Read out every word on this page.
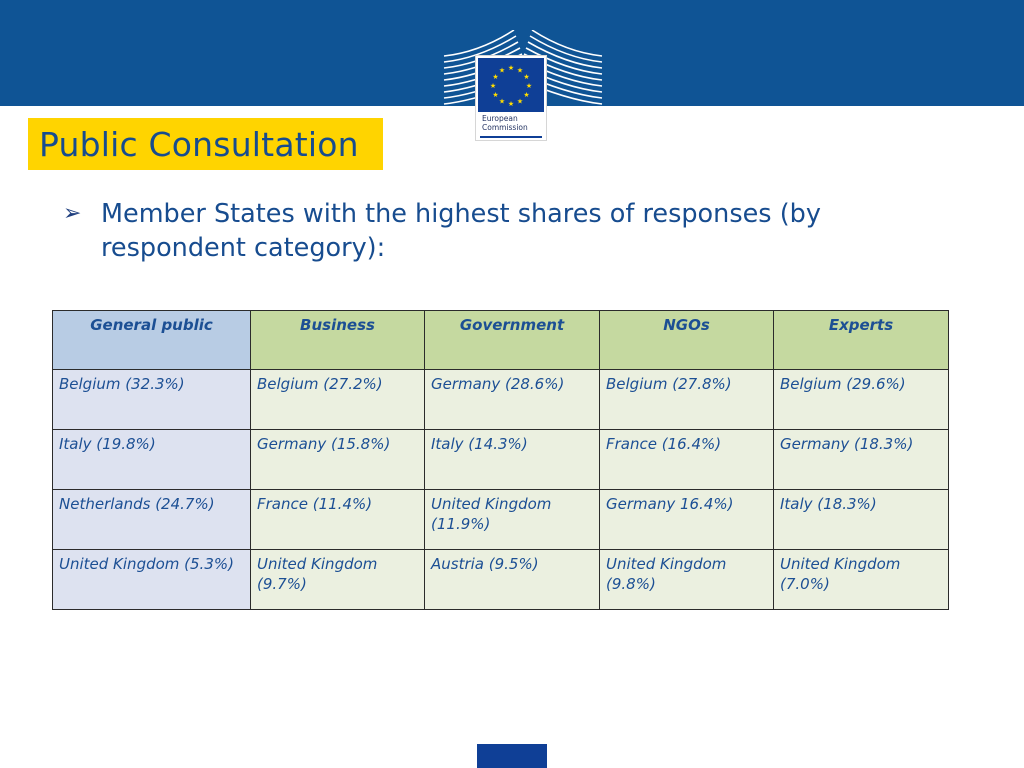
★ ★
★
★
★
★
★
★
★
★
★
★
European
Commission
Public Consultation
➢ Member States with the highest shares of responses (by respondent category):
General public	Business	Government	NGOs	Experts
Belgium (32.3%)	Belgium (27.2%)	Germany (28.6%)	Belgium (27.8%)	Belgium (29.6%)
Italy (19.8%)	Germany (15.8%)	Italy (14.3%)	France (16.4%)	Germany (18.3%)
Netherlands (24.7%)	France (11.4%)	United Kingdom (11.9%)	Germany 16.4%)	Italy (18.3%)
United Kingdom (5.3%)	United Kingdom (9.7%)	Austria (9.5%)	United Kingdom (9.8%)	United Kingdom (7.0%)
